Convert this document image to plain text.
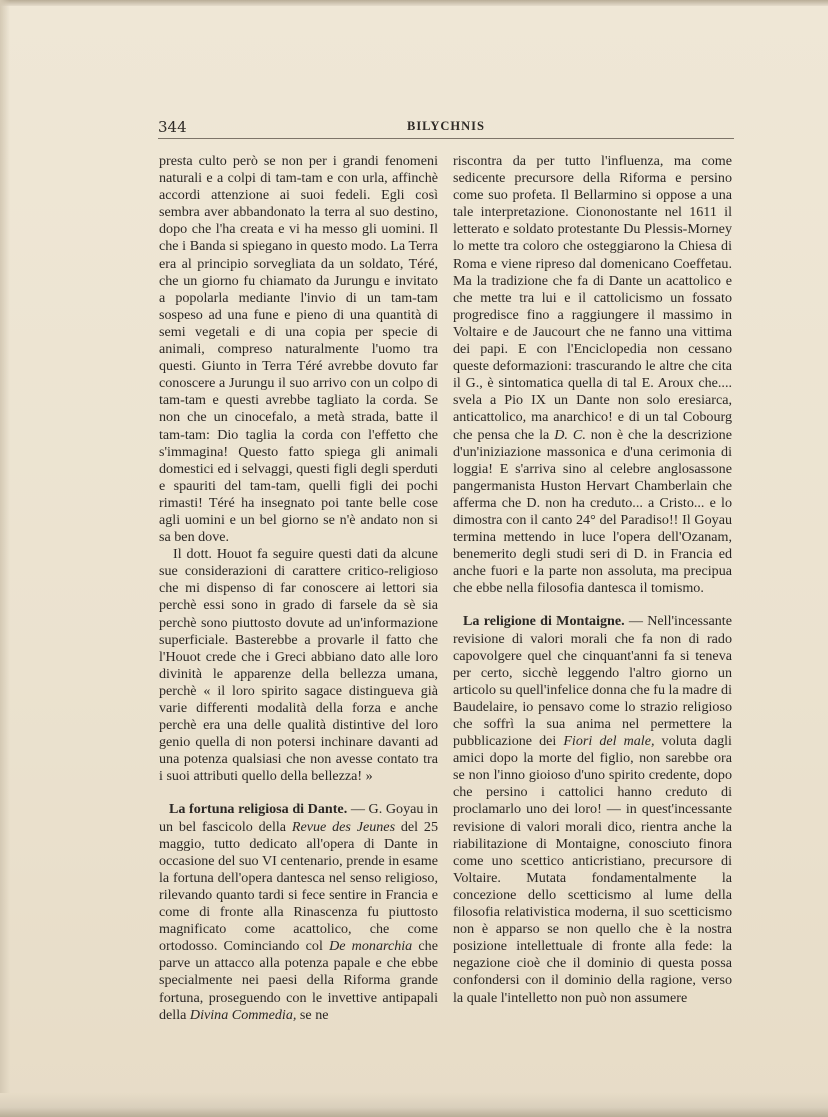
344	BILYCHNIS

presta culto però se non per i grandi fenomeni naturali e a colpi di tam-tam e con urla, affinchè accordi attenzione ai suoi fedeli. Egli così sembra aver abbandonato la terra al suo destino, dopo che l'ha creata e vi ha messo gli uomini. Il che i Banda si spiegano in questo modo. La Terra era al principio sorvegliata da un soldato, Téré, che un giorno fu chiamato da Jurungu e invitato a popolarla mediante l'invio di un tam-tam sospeso ad una fune e pieno di una quantità di semi vegetali e di una copia per specie di animali, compreso naturalmente l'uomo tra questi. Giunto in Terra Téré avrebbe dovuto far conoscere a Jurungu il suo arrivo con un colpo di tam-tam e questi avrebbe tagliato la corda. Se non che un cinocefalo, a metà strada, batte il tam-tam: Dio taglia la corda con l'effetto che s'immagina! Questo fatto spiega gli animali domestici ed i selvaggi, questi figli degli sperduti e spauriti del tam-tam, quelli figli dei pochi rimasti! Téré ha insegnato poi tante belle cose agli uomini e un bel giorno se n'è andato non si sa ben dove.

Il dott. Houot fa seguire questi dati da alcune sue considerazioni di carattere critico-religioso che mi dispenso di far conoscere ai lettori sia perchè essi sono in grado di farsele da sè sia perchè sono piuttosto dovute ad un'informazione superficiale. Basterebbe a provarle il fatto che l'Houot crede che i Greci abbiano dato alle loro divinità le apparenze della bellezza umana, perchè « il loro spirito sagace distingueva già varie differenti modalità della forza e anche perchè era una delle qualità distintive del loro genio quella di non potersi inchinare davanti ad una potenza qualsiasi che non avesse contato tra i suoi attributi quello della bellezza! »

La fortuna religiosa di Dante. — G. Goyau in un bel fascicolo della Revue des Jeunes del 25 maggio, tutto dedicato all'opera di Dante in occasione del suo VI centenario, prende in esame la fortuna dell'opera dantesca nel senso religioso, rilevando quanto tardi si fece sentire in Francia e come di fronte alla Rinascenza fu piuttosto magnificato come acattolico, che come ortodosso. Cominciando col De monarchia che parve un attacco alla potenza papale e che ebbe specialmente nei paesi della Riforma grande fortuna, proseguendo con le invettive antipapali della Divina Commedia, se ne

riscontra da per tutto l'influenza, ma come sedicente precursore della Riforma e persino come suo profeta. Il Bellarmino si oppose a una tale interpretazione. Ciononostante nel 1611 il letterato e soldato protestante Du Plessis-Morney lo mette tra coloro che osteggiarono la Chiesa di Roma e viene ripreso dal domenicano Coeffetau. Ma la tradizione che fa di Dante un acattolico e che mette tra lui e il cattolicismo un fossato progredisce fino a raggiungere il massimo in Voltaire e de Jaucourt che ne fanno una vittima dei papi. E con l'Enciclopedia non cessano queste deformazioni: trascurando le altre che cita il G., è sintomatica quella di tal E. Aroux che.... svela a Pio IX un Dante non solo eresiarca, anticattolico, ma anarchico! e di un tal Cobourg che pensa che la D. C. non è che la descrizione d'un'iniziazione massonica e d'una cerimonia di loggia! E s'arriva sino al celebre anglosassone pangermanista Huston Hervart Chamberlain che afferma che D. non ha creduto... a Cristo... e lo dimostra con il canto 24° del Paradiso!! Il Goyau termina mettendo in luce l'opera dell'Ozanam, benemerito degli studi seri di D. in Francia ed anche fuori e la parte non assoluta, ma precipua che ebbe nella filosofia dantesca il tomismo.

La religione di Montaigne. — Nell'incessante revisione di valori morali che fa non di rado capovolgere quel che cinquant'anni fa si teneva per certo, sicchè leggendo l'altro giorno un articolo su quell'infelice donna che fu la madre di Baudelaire, io pensavo come lo strazio religioso che soffrì la sua anima nel permettere la pubblicazione dei Fiori del male, voluta dagli amici dopo la morte del figlio, non sarebbe ora se non l'inno gioioso d'uno spirito credente, dopo che persino i cattolici hanno creduto di proclamarlo uno dei loro! — in quest'incessante revisione di valori morali dico, rientra anche la riabilitazione di Montaigne, conosciuto finora come uno scettico anticristiano, precursore di Voltaire. Mutata fondamentalmente la concezione dello scetticismo al lume della filosofia relativistica moderna, il suo scetticismo non è apparso se non quello che è la nostra posizione intellettuale di fronte alla fede: la negazione cioè che il dominio di questa possa confondersi con il dominio della ragione, verso la quale l'intelletto non può non assumere
